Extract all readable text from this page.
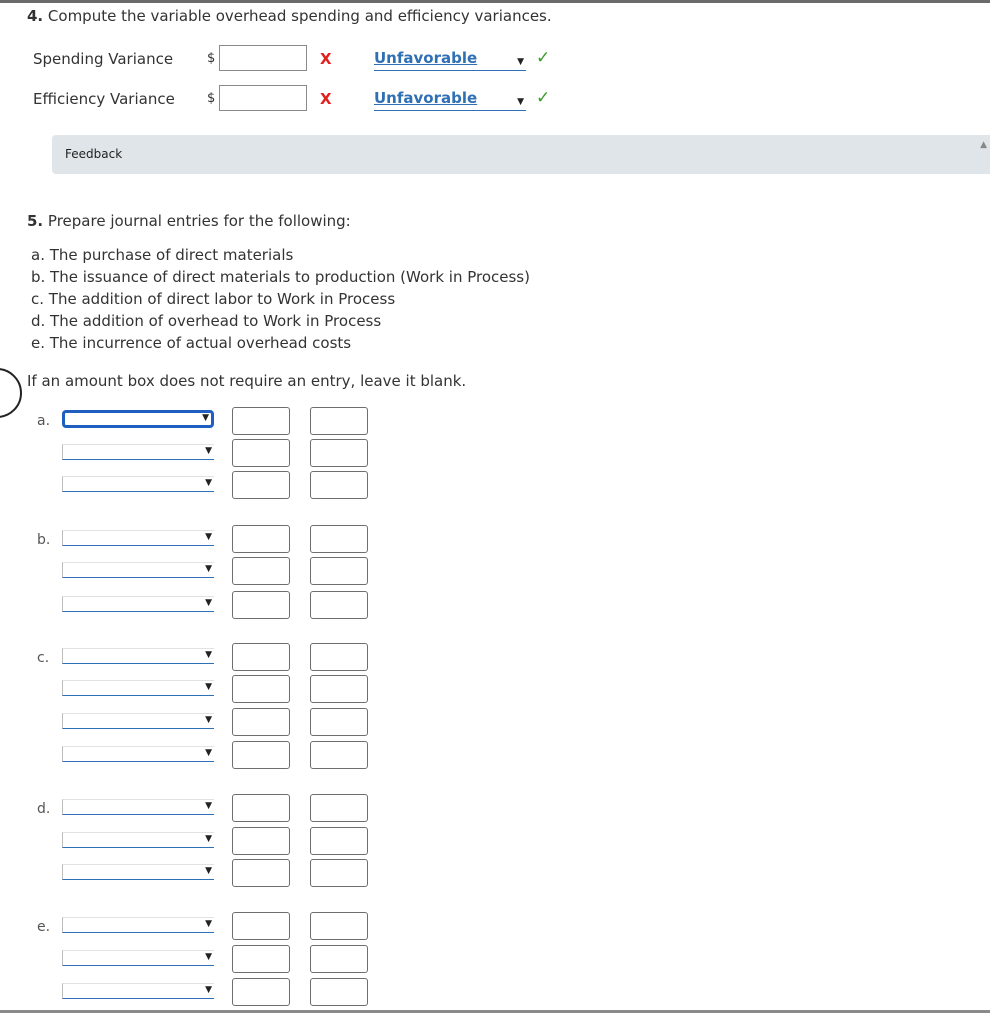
4. Compute the variable overhead spending and efficiency variances.
Spending Variance	$	X	Unfavorable	▼ ✓
Efficiency Variance $	X	Unfavorable	▼ ✓
Feedback
▲
5. Prepare journal entries for the following:
a. The purchase of direct materials
b. The issuance of direct materials to production (Work in Process)
c. The addition of direct labor to Work in Process
d. The addition of overhead to Work in Process
e. The incurrence of actual overhead costs
If an amount box does not require an entry, leave it blank.
a.	▼
▼
▼
b.	▼
▼
▼
c.	▼
▼
▼
▼
d.	▼
▼
▼
e.	▼
▼
▼
